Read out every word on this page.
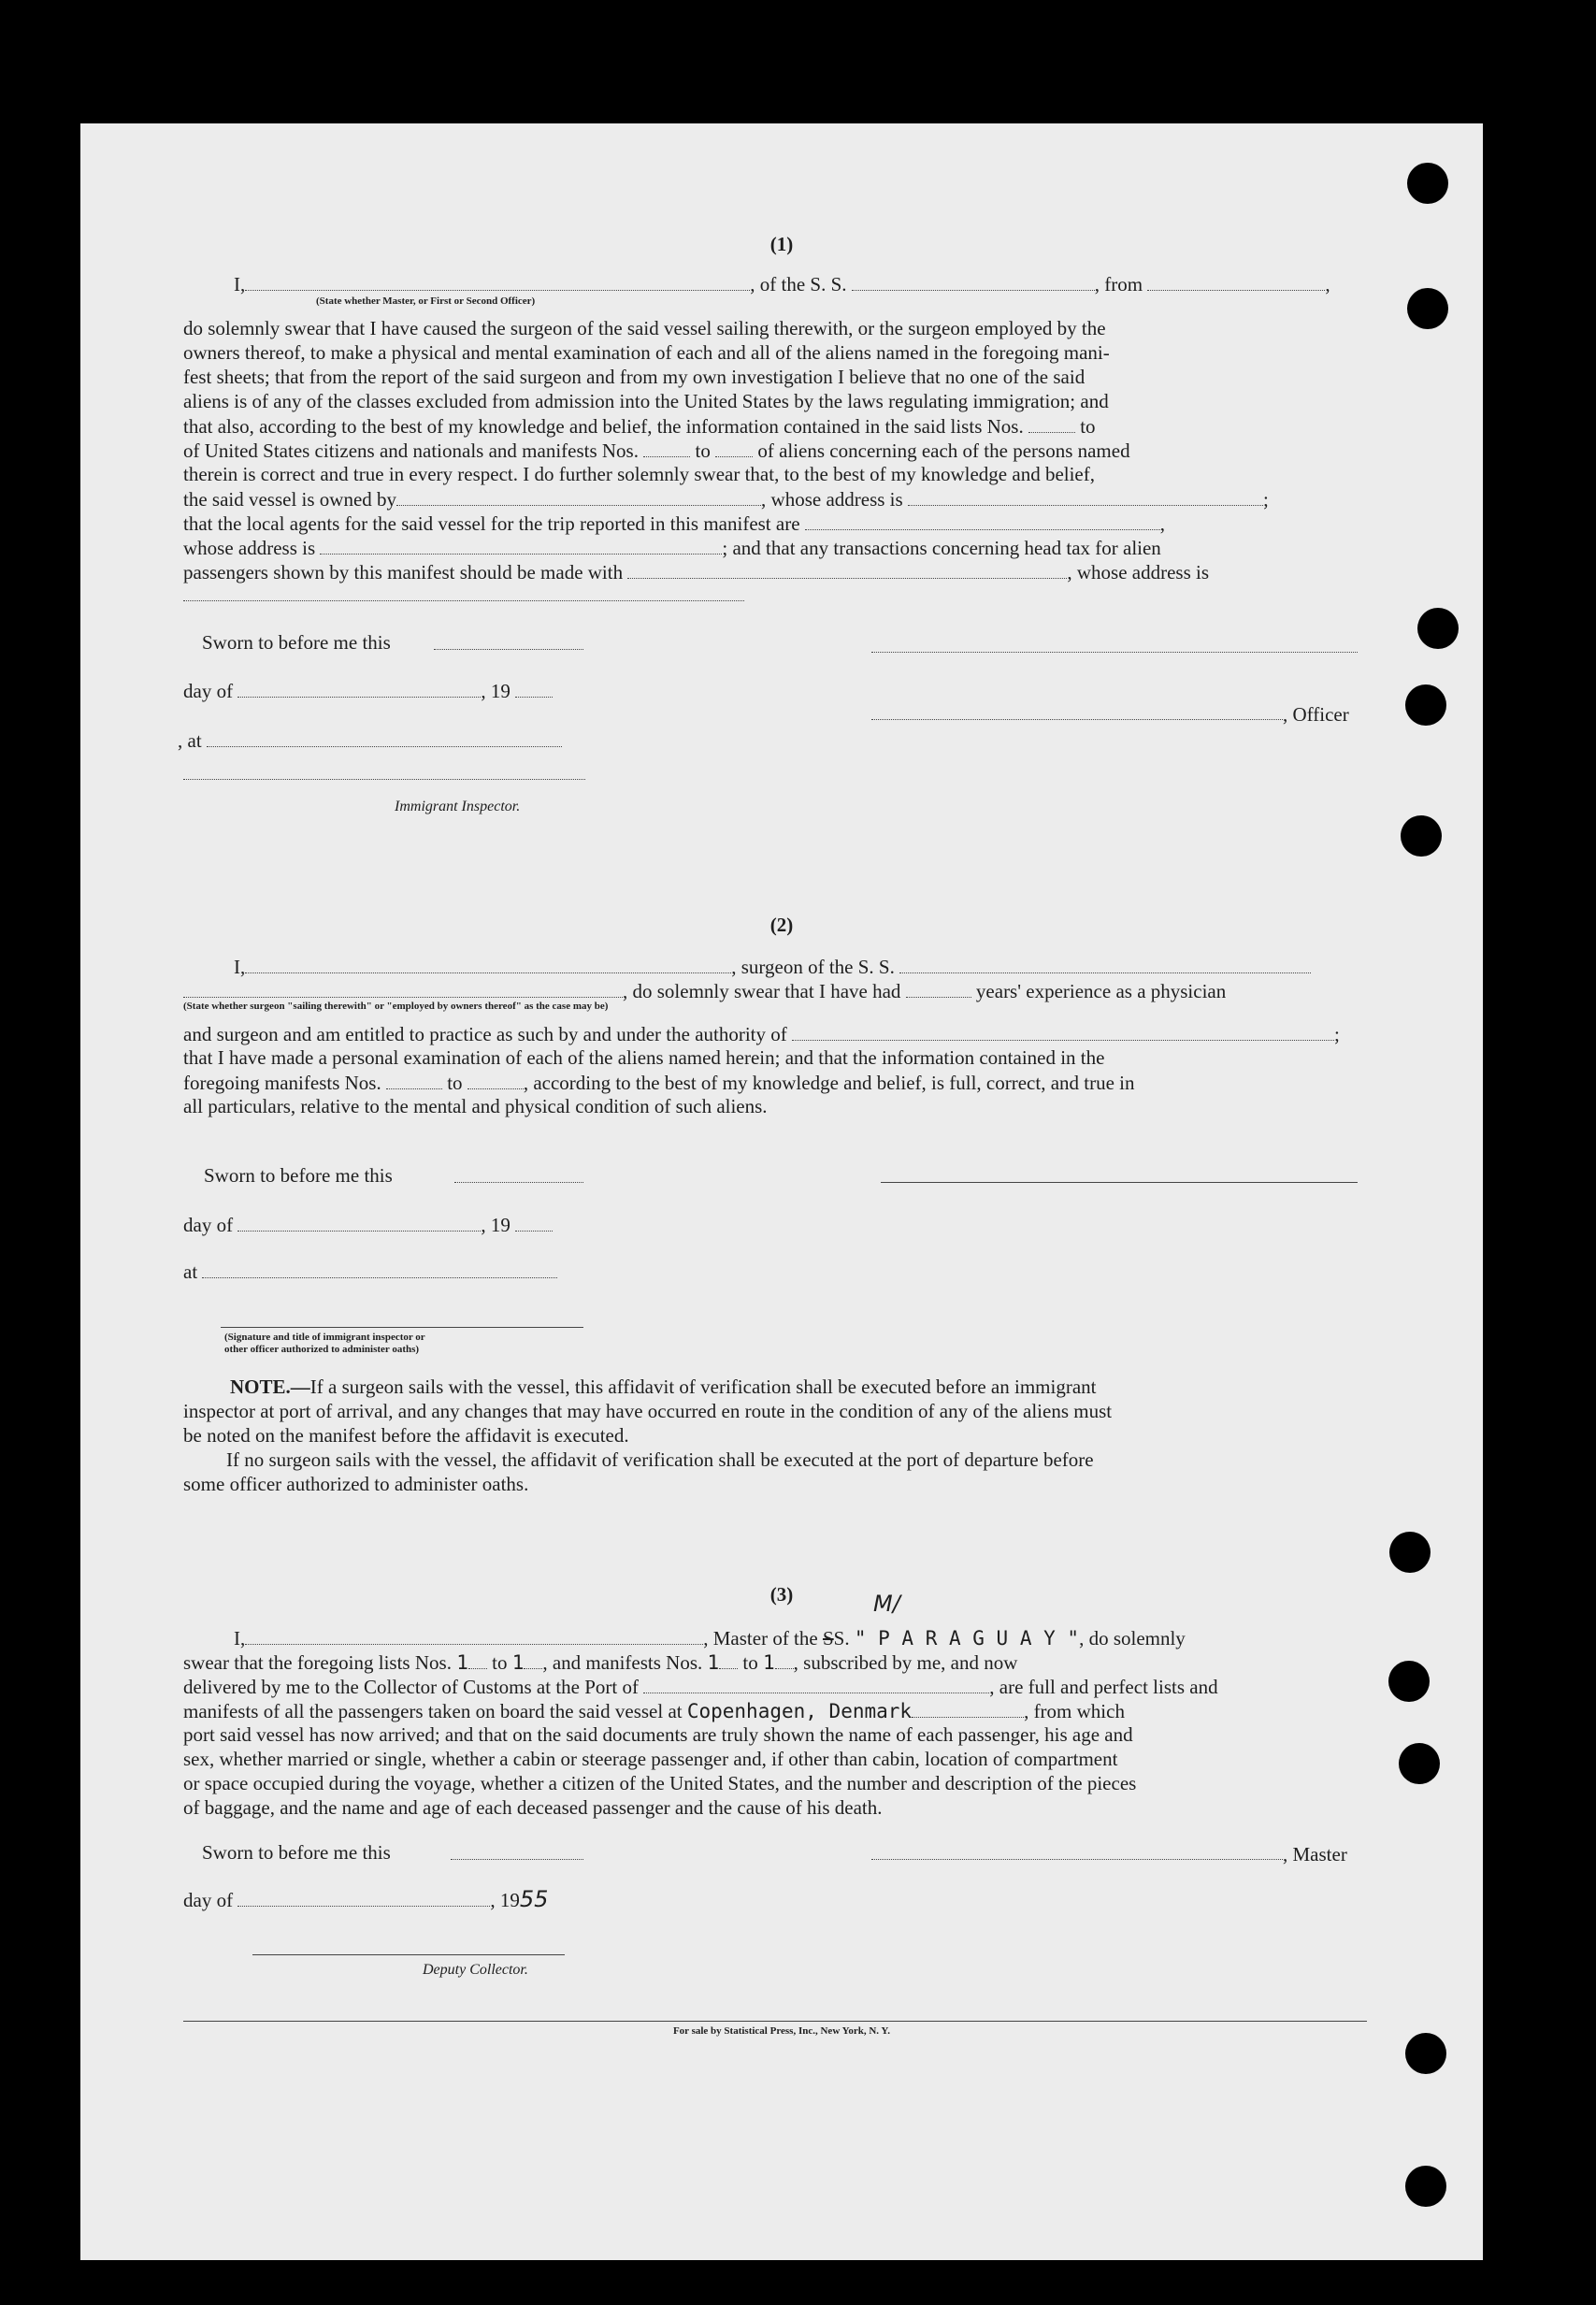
(1)
I,	, of the S. S.	, from	,
(State whether Master, or First or Second Officer)
do solemnly swear that I have caused the surgeon of the said vessel sailing therewith, or the surgeon employed by the
owners thereof, to make a physical and mental examination of each and all of the aliens named in the foregoing mani-
fest sheets; that from the report of the said surgeon and from my own investigation I believe that no one of the said
aliens is of any of the classes excluded from admission into the United States by the laws regulating immigration; and
that also, according to the best of my knowledge and belief, the information contained in the said lists Nos.	to
of United States citizens and nationals and manifests Nos.	to of aliens concerning each of the persons named
therein is correct and true in every respect. I do further solemnly swear that, to the best of my knowledge and belief,
the said vessel is owned by	, whose address is	;
that the local agents for the said vessel for the trip reported in this manifest are	,
whose address is	; and that any transactions concerning head tax for alien
passengers shown by this manifest should be made with	, whose address is
Sworn to before me this
day of	, 19
, Officer
, at
Immigrant Inspector.
(2)
I,	, surgeon of the S. S.
, do solemnly swear that I have had	years' experience as a physician
(State whether surgeon "sailing therewith" or "employed by owners thereof" as the case may be)
and surgeon and am entitled to practice as such by and under the authority of	;
that I have made a personal examination of each of the aliens named herein; and that the information contained in the
foregoing manifests Nos.	to	, according to the best of my knowledge and belief, is full, correct, and true in
all particulars, relative to the mental and physical condition of such aliens.
Sworn to before me this
day of	, 19
at
(Signature and title of immigrant inspector or
other officer authorized to administer oaths)
NOTE.—If a surgeon sails with the vessel, this affidavit of verification shall be executed before an immigrant
inspector at port of arrival, and any changes that may have occurred en route in the condition of any of the aliens must
be noted on the manifest before the affidavit is executed.
If no surgeon sails with the vessel, the affidavit of verification shall be executed at the port of departure before
some officer authorized to administer oaths.
(3)	M/
I,	, Master of the SS. " P A R A G U A Y ", do solemnly
swear that the foregoing lists Nos. 1 to 1 , and manifests Nos. 1 to 1 , subscribed by me, and now
delivered by me to the Collector of Customs at the Port of	, are full and perfect lists and
manifests of all the passengers taken on board the said vessel at Copenhagen, Denmark	, from which
port said vessel has now arrived; and that on the said documents are truly shown the name of each passenger, his age and
sex, whether married or single, whether a cabin or steerage passenger and, if other than cabin, location of compartment
or space occupied during the voyage, whether a citizen of the United States, and the number and description of the pieces
of baggage, and the name and age of each deceased passenger and the cause of his death.
Sworn to before me this	, Master
day of	, 1955
Deputy Collector.
For sale by Statistical Press, Inc., New York, N. Y.
